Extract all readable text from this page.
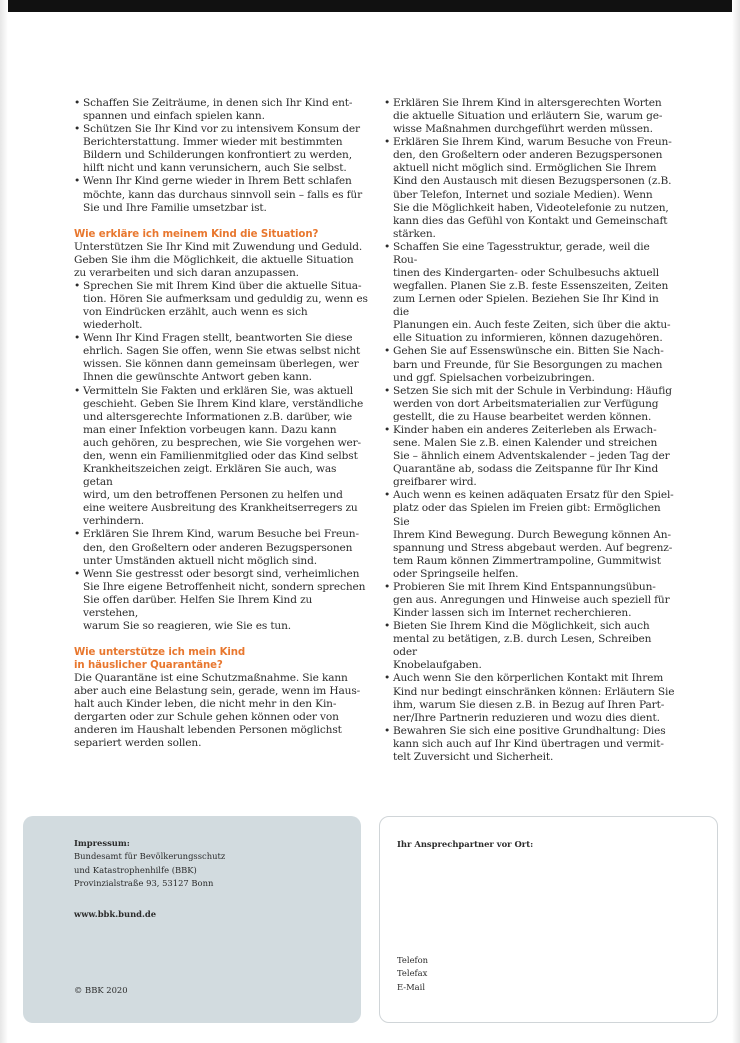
• Schaffen Sie Zeiträume, in denen sich Ihr Kind ent-
spannen und einfach spielen kann.
• Schützen Sie Ihr Kind vor zu intensivem Konsum der
Berichterstattung. Immer wieder mit bestimmten
Bildern und Schilderungen konfrontiert zu werden,
hilft nicht und kann verunsichern, auch Sie selbst.
• Wenn Ihr Kind gerne wieder in Ihrem Bett schlafen
möchte, kann das durchaus sinnvoll sein – falls es für
Sie und Ihre Familie umsetzbar ist.
Wie erkläre ich meinem Kind die Situation?

Unterstützen Sie Ihr Kind mit Zuwendung und Geduld.
Geben Sie ihm die Möglichkeit, die aktuelle Situation
zu verarbeiten und sich daran anzupassen.

• Sprechen Sie mit Ihrem Kind über die aktuelle Situa-
tion. Hören Sie aufmerksam und geduldig zu, wenn es
von Eindrücken erzählt, auch wenn es sich wiederholt.
• Wenn Ihr Kind Fragen stellt, beantworten Sie diese
ehrlich. Sagen Sie offen, wenn Sie etwas selbst nicht
wissen. Sie können dann gemeinsam überlegen, wer
Ihnen die gewünschte Antwort geben kann.
• Vermitteln Sie Fakten und erklären Sie, was aktuell
geschieht. Geben Sie Ihrem Kind klare, verständliche
und altersgerechte Informationen z.B. darüber, wie
man einer Infektion vorbeugen kann. Dazu kann
auch gehören, zu besprechen, wie Sie vorgehen wer-
den, wenn ein Familienmitglied oder das Kind selbst
Krankheitszeichen zeigt. Erklären Sie auch, was getan
wird, um den betroffenen Personen zu helfen und
eine weitere Ausbreitung des Krankheitserregers zu
verhindern.
• Erklären Sie Ihrem Kind, warum Besuche bei Freun-
den, den Großeltern oder anderen Bezugspersonen
unter Umständen aktuell nicht möglich sind.
• Wenn Sie gestresst oder besorgt sind, verheimlichen
Sie Ihre eigene Betroffenheit nicht, sondern sprechen
Sie offen darüber. Helfen Sie Ihrem Kind zu verstehen,
warum Sie so reagieren, wie Sie es tun.
Wie unterstütze ich mein Kind
in häuslicher Quarantäne?

Die Quarantäne ist eine Schutzmaßnahme. Sie kann
aber auch eine Belastung sein, gerade, wenn im Haus-
halt auch Kinder leben, die nicht mehr in den Kin-
dergarten oder zur Schule gehen können oder von
anderen im Haushalt lebenden Personen möglichst
separiert werden sollen.

• Erklären Sie Ihrem Kind in altersgerechten Worten
die aktuelle Situation und erläutern Sie, warum ge-
wisse Maßnahmen durchgeführt werden müssen.
• Erklären Sie Ihrem Kind, warum Besuche von Freun-
den, den Großeltern oder anderen Bezugspersonen
aktuell nicht möglich sind. Ermöglichen Sie Ihrem
Kind den Austausch mit diesen Bezugspersonen (z.B.
über Telefon, Internet und soziale Medien). Wenn
Sie die Möglichkeit haben, Videotelefonie zu nutzen,
kann dies das Gefühl von Kontakt und Gemeinschaft
stärken.
• Schaffen Sie eine Tagesstruktur, gerade, weil die Rou-
tinen des Kindergarten- oder Schulbesuchs aktuell
wegfallen. Planen Sie z.B. feste Essenszeiten, Zeiten
zum Lernen oder Spielen. Beziehen Sie Ihr Kind in die
Planungen ein. Auch feste Zeiten, sich über die aktu-
elle Situation zu informieren, können dazugehören.
• Gehen Sie auf Essenswünsche ein. Bitten Sie Nach-
barn und Freunde, für Sie Besorgungen zu machen
und ggf. Spielsachen vorbeizubringen.
• Setzen Sie sich mit der Schule in Verbindung: Häufig
werden von dort Arbeitsmaterialien zur Verfügung
gestellt, die zu Hause bearbeitet werden können.
• Kinder haben ein anderes Zeiterleben als Erwach-
sene. Malen Sie z.B. einen Kalender und streichen
Sie – ähnlich einem Adventskalender – jeden Tag der
Quarantäne ab, sodass die Zeitspanne für Ihr Kind
greifbarer wird.
• Auch wenn es keinen adäquaten Ersatz für den Spiel-
platz oder das Spielen im Freien gibt: Ermöglichen Sie
Ihrem Kind Bewegung. Durch Bewegung können An-
spannung und Stress abgebaut werden. Auf begrenz-
tem Raum können Zimmertrampoline, Gummitwist
oder Springseile helfen.
• Probieren Sie mit Ihrem Kind Entspannungsübun-
gen aus. Anregungen und Hinweise auch speziell für
Kinder lassen sich im Internet recherchieren.
• Bieten Sie Ihrem Kind die Möglichkeit, sich auch
mental zu betätigen, z.B. durch Lesen, Schreiben oder
Knobelaufgaben.
• Auch wenn Sie den körperlichen Kontakt mit Ihrem
Kind nur bedingt einschränken können: Erläutern Sie
ihm, warum Sie diesen z.B. in Bezug auf Ihren Part-
ner/Ihre Partnerin reduzieren und wozu dies dient.
• Bewahren Sie sich eine positive Grundhaltung: Dies
kann sich auch auf Ihr Kind übertragen und vermit-
telt Zuversicht und Sicherheit.
Impressum:
Bundesamt für Bevölkerungsschutz
und Katastrophenhilfe (BBK)
Provinzialstraße 93, 53127 Bonn
www.bbk.bund.de
© BBK 2020
Ihr Ansprechpartner vor Ort:
Telefon
Telefax
E-Mail
